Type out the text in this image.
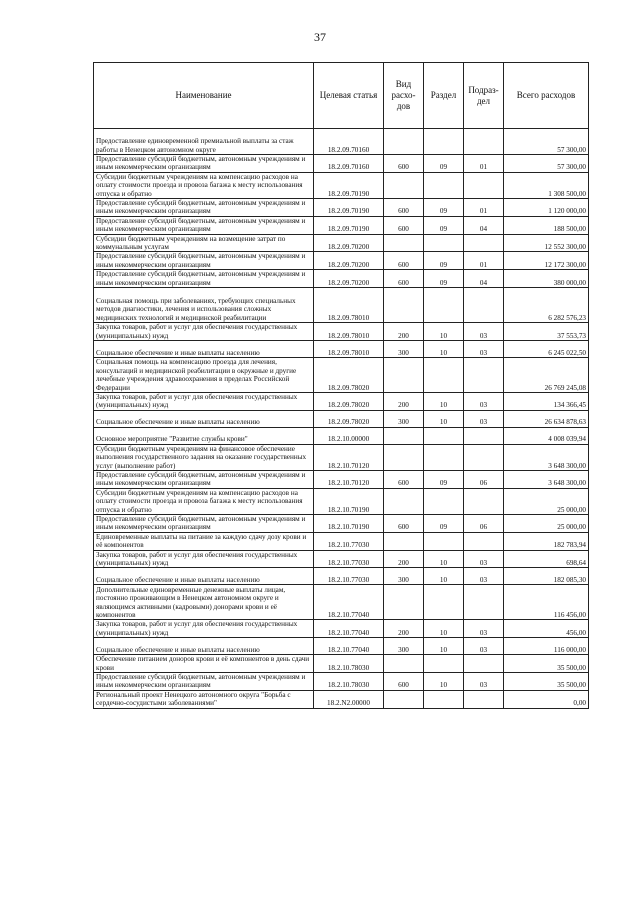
37
Наименование	Целевая статья	Вид расхо-дов	Раздел	Подраз-дел	Всего расходов
Предоставление единовременной премиальной выплаты за стаж работы в Ненецком автономном округе	18.2.09.70160				57 300,00
Предоставление субсидий бюджетным, автономным учреждениям и иным некоммерческим организациям	18.2.09.70160	600	09	01	57 300,00
Субсидии бюджетным учреждениям на компенсацию расходов на оплату стоимости проезда и провоза багажа к месту использования отпуска и обратно	18.2.09.70190				1 308 500,00
Предоставление субсидий бюджетным, автономным учреждениям и иным некоммерческим организациям	18.2.09.70190	600	09	01	1 120 000,00
Предоставление субсидий бюджетным, автономным учреждениям и иным некоммерческим организациям	18.2.09.70190	600	09	04	188 500,00
Субсидии бюджетным учреждениям на возмещение затрат по коммунальным услугам	18.2.09.70200				12 552 300,00
Предоставление субсидий бюджетным, автономным учреждениям и иным некоммерческим организациям	18.2.09.70200	600	09	01	12 172 300,00
Предоставление субсидий бюджетным, автономным учреждениям и иным некоммерческим организациям	18.2.09.70200	600	09	04	380 000,00
Социальная помощь при заболеваниях, требующих специальных методов диагностики, лечения и использования сложных медицинских технологий и медицинской реабилитации	18.2.09.78010				6 282 576,23
Закупка товаров, работ и услуг для обеспечения государственных (муниципальных) нужд	18.2.09.78010	200	10	03	37 553,73
Социальное обеспечение и иные выплаты населению	18.2.09.78010	300	10	03	6 245 022,50
Социальная помощь на компенсацию проезда для лечения, консультаций и медицинской реабилитации в окружные и другие лечебные учреждения здравоохранения в пределах Российской Федерации	18.2.09.78020				26 769 245,08
Закупка товаров, работ и услуг для обеспечения государственных (муниципальных) нужд	18.2.09.78020	200	10	03	134 366,45
Социальное обеспечение и иные выплаты населению	18.2.09.78020	300	10	03	26 634 878,63
Основное мероприятие "Развитие службы крови"	18.2.10.00000				4 008 039,94
Субсидии бюджетным учреждениям на финансовое обеспечение выполнения государственного задания на оказание государственных услуг (выполнение работ)	18.2.10.70120				3 648 300,00
Предоставление субсидий бюджетным, автономным учреждениям и иным некоммерческим организациям	18.2.10.70120	600	09	06	3 648 300,00
Субсидии бюджетным учреждениям на компенсацию расходов на оплату стоимости проезда и провоза багажа к месту использования отпуска и обратно	18.2.10.70190				25 000,00
Предоставление субсидий бюджетным, автономным учреждениям и иным некоммерческим организациям	18.2.10.70190	600	09	06	25 000,00
Единовременные выплаты на питание за каждую сдачу дозу крови и её компонентов	18.2.10.77030				182 783,94
Закупка товаров, работ и услуг для обеспечения государственных (муниципальных) нужд	18.2.10.77030	200	10	03	698,64
Социальное обеспечение и иные выплаты населению	18.2.10.77030	300	10	03	182 085,30
Дополнительные единовременные денежные выплаты лицам, постоянно проживающим в Ненецком автономном округе и являющимся активными (кадровыми) донорами крови и её компонентов	18.2.10.77040				116 456,00
Закупка товаров, работ и услуг для обеспечения государственных (муниципальных) нужд	18.2.10.77040	200	10	03	456,00
Социальное обеспечение и иные выплаты населению	18.2.10.77040	300	10	03	116 000,00
Обеспечение питанием доноров крови и её компонентов в день сдачи крови	18.2.10.78030				35 500,00
Предоставление субсидий бюджетным, автономным учреждениям и иным некоммерческим организациям	18.2.10.78030	600	10	03	35 500,00
Региональный проект Ненецкого автономного округа "Борьба с сердечно-сосудистыми заболеваниями"	18.2.N2.00000				0,00
